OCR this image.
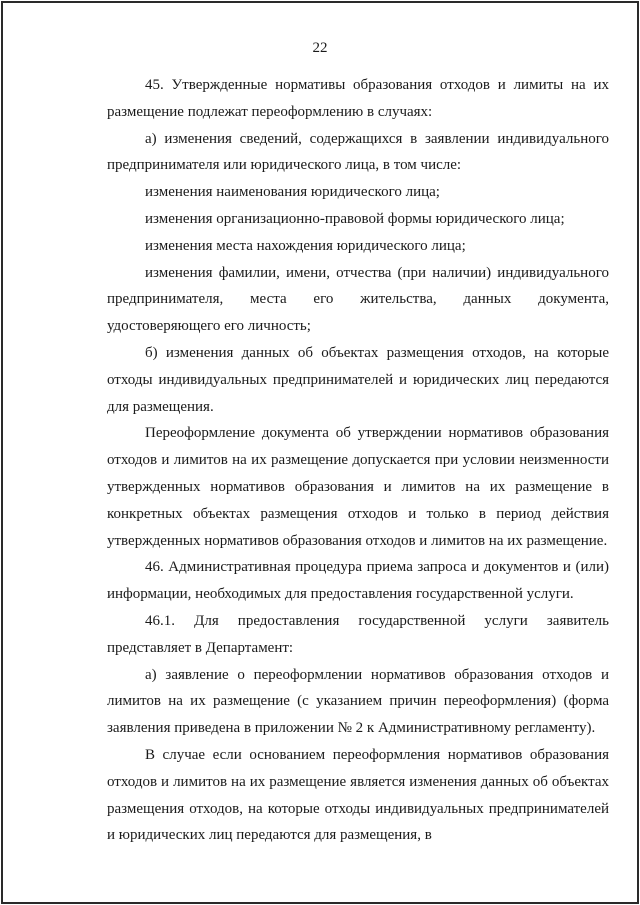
22

45. Утвержденные нормативы образования отходов и лимиты на их размещение подлежат переоформлению в случаях:

а) изменения сведений, содержащихся в заявлении индивидуального предпринимателя или юридического лица, в том числе:

изменения наименования юридического лица;

изменения организационно-правовой формы юридического лица;

изменения места нахождения юридического лица;

изменения фамилии, имени, отчества (при наличии) индивидуального предпринимателя, места его жительства, данных документа, удостоверяющего его личность;

б) изменения данных об объектах размещения отходов, на которые отходы индивидуальных предпринимателей и юридических лиц передаются для размещения.

Переоформление документа об утверждении нормативов образования отходов и лимитов на их размещение допускается при условии неизменности утвержденных нормативов образования и лимитов на их размещение в конкретных объектах размещения отходов и только в период действия утвержденных нормативов образования отходов и лимитов на их размещение.

46. Административная процедура приема запроса и документов и (или) информации, необходимых для предоставления государственной услуги.

46.1. Для предоставления государственной услуги заявитель представляет в Департамент:

а) заявление о переоформлении нормативов образования отходов и лимитов на их размещение (с указанием причин переоформления) (форма заявления приведена в приложении № 2 к Административному регламенту).

В случае если основанием переоформления нормативов образования отходов и лимитов на их размещение является изменения данных об объектах размещения отходов, на которые отходы индивидуальных предпринимателей и юридических лиц передаются для размещения, в
